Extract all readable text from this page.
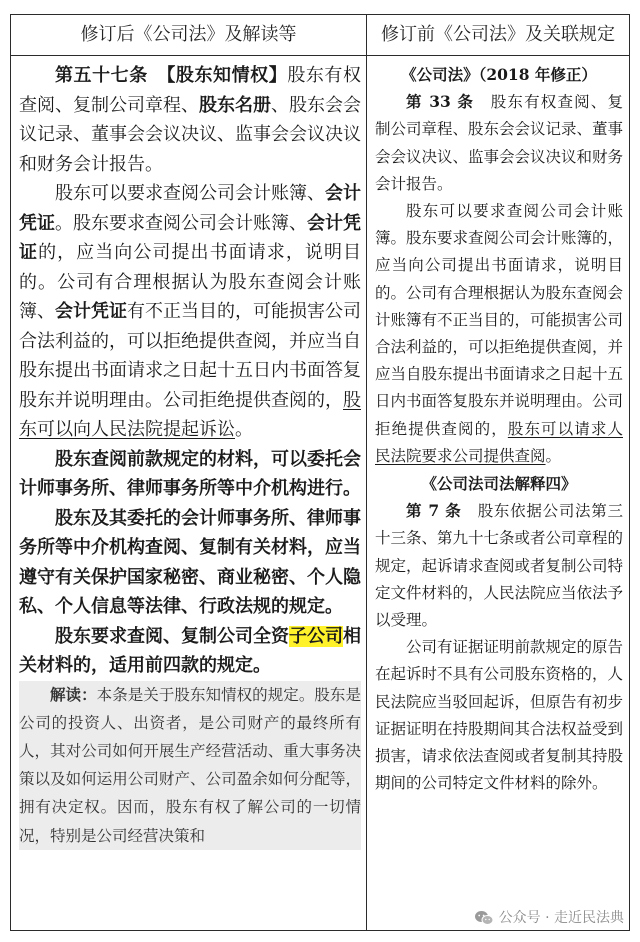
修订后《公司法》及解读等	修订前《公司法》及关联规定

第五十七条　 【股东知情权】股东有权查阅、复制公司章程、股东名册、股东会会议记录、董事会会议决议、监事会会议决议和财务会计报告。

股东可以要求查阅公司会计账簿、会计凭证。股东要求查阅公司会计账簿、会计凭证的，应当向公司提出书面请求，说明目的。公司有合理根据认为股东查阅会计账簿、会计凭证有不正当目的，可能损害公司合法利益的，可以拒绝提供查阅，并应当自股东提出书面请求之日起十五日内书面答复股东并说明理由。公司拒绝提供查阅的，股东可以向人民法院提起诉讼。

股东查阅前款规定的材料，可以委托会计师事务所、律师事务所等中介机构进行。

股东及其委托的会计师事务所、律师事务所等中介机构查阅、复制有关材料，应当遵守有关保护国家秘密、商业秘密、个人隐私、个人信息等法律、行政法规的规定。

股东要求查阅、复制公司全资子公司相关材料的，适用前四款的规定。

解读：本条是关于股东知情权的规定。股东是公司的投资人、出资者，是公司财产的最终所有人，其对公司如何开展生产经营活动、重大事务决策以及如何运用公司财产、公司盈余如何分配等，拥有决定权。因而，股东有权了解公司的一切情况，特别是公司经营决策和

《公司法》（2018 年修正）

第 33 条　 股东有权查阅、复制公司章程、股东会会议记录、董事会会议决议、监事会会议决议和财务会计报告。

股东可以要求查阅公司会计账簿。股东要求查阅公司会计账簿的，应当向公司提出书面请求，说明目的。公司有合理根据认为股东查阅会计账簿有不正当目的，可能损害公司合法利益的，可以拒绝提供查阅，并应当自股东提出书面请求之日起十五日内书面答复股东并说明理由。公司拒绝提供查阅的，股东可以请求人民法院要求公司提供查阅。

《公司法司法解释四》

第 7 条　 股东依据公司法第三十三条、第九十七条或者公司章程的规定，起诉请求查阅或者复制公司特定文件材料的，人民法院应当依法予以受理。

公司有证据证明前款规定的原告在起诉时不具有公司股东资格的，人民法院应当驳回起诉，但原告有初步证据证明在持股期间其合法权益受到损害，请求依法查阅或者复制其持股期间的公司特定文件材料的除外。

公众号 · 走近民法典
